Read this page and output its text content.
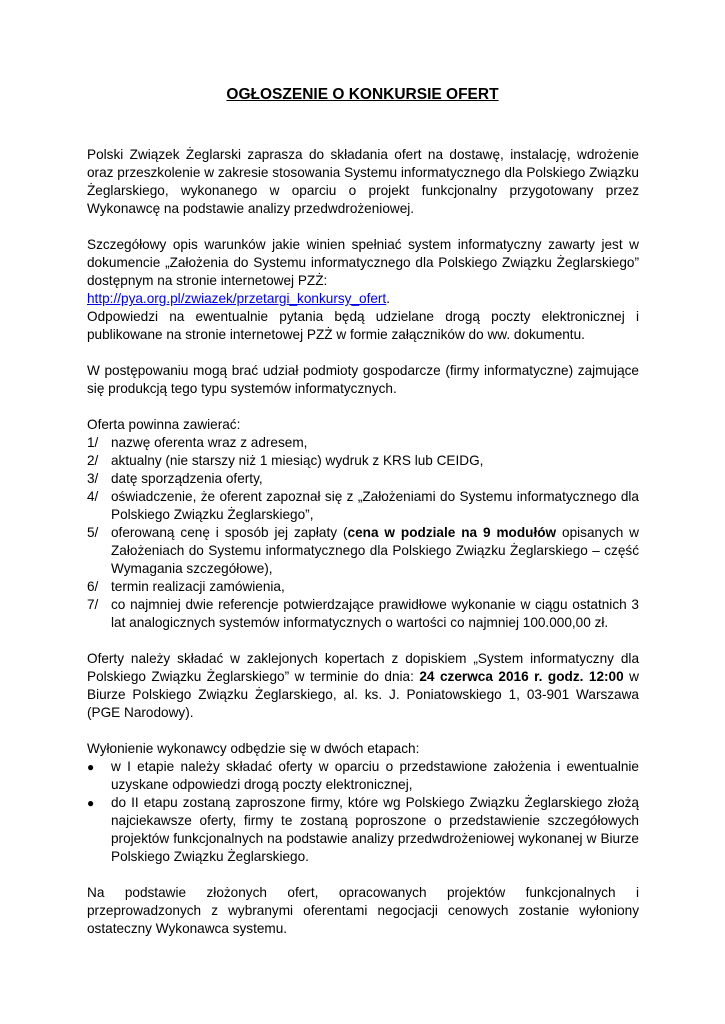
OGŁOSZENIE O KONKURSIE OFERT

Polski Związek Żeglarski zaprasza do składania ofert na dostawę, instalację, wdrożenie oraz przeszkolenie w zakresie stosowania Systemu informatycznego dla Polskiego Związku Żeglarskiego, wykonanego w oparciu o projekt funkcjonalny przygotowany przez Wykonawcę na podstawie analizy przedwdrożeniowej.

Szczegółowy opis warunków jakie winien spełniać system informatyczny zawarty jest w dokumencie „Założenia do Systemu informatycznego dla Polskiego Związku Żeglarskiego” dostępnym na stronie internetowej PZŻ:
http://pya.org.pl/zwiazek/przetargi_konkursy_ofert.

Odpowiedzi na ewentualnie pytania będą udzielane drogą poczty elektronicznej i publikowane na stronie internetowej PZŻ w formie załączników do ww. dokumentu.

W postępowaniu mogą brać udział podmioty gospodarcze (firmy informatyczne) zajmujące się produkcją tego typu systemów informatycznych.

Oferta powinna zawierać:

1/ nazwę oferenta wraz z adresem,
2/ aktualny (nie starszy niż 1 miesiąc) wydruk z KRS lub CEIDG,
3/ datę sporządzenia oferty,
4/ oświadczenie, że oferent zapoznał się z „Założeniami do Systemu informatycznego dla Polskiego Związku Żeglarskiego”,
5/ oferowaną cenę i sposób jej zapłaty (cena w podziale na 9 modułów opisanych w Założeniach do Systemu informatycznego dla Polskiego Związku Żeglarskiego – część Wymagania szczegółowe),
6/ termin realizacji zamówienia,
7/ co najmniej dwie referencje potwierdzające prawidłowe wykonanie w ciągu ostatnich 3 lat analogicznych systemów informatycznych o wartości co najmniej 100.000,00 zł.

Oferty należy składać w zaklejonych kopertach z dopiskiem „System informatyczny dla Polskiego Związku Żeglarskiego” w terminie do dnia: 24 czerwca 2016 r. godz. 12:00 w Biurze Polskiego Związku Żeglarskiego, al. ks. J. Poniatowskiego 1, 03-901 Warszawa (PGE Narodowy).

Wyłonienie wykonawcy odbędzie się w dwóch etapach:

● w I etapie należy składać oferty w oparciu o przedstawione założenia i ewentualnie uzyskane odpowiedzi drogą poczty elektronicznej,
● do II etapu zostaną zaproszone firmy, które wg Polskiego Związku Żeglarskiego złożą najciekawsze oferty, firmy te zostaną poproszone o przedstawienie szczegółowych projektów funkcjonalnych na podstawie analizy przedwdrożeniowej wykonanej w Biurze Polskiego Związku Żeglarskiego.

Na podstawie złożonych ofert, opracowanych projektów funkcjonalnych i przeprowadzonych z wybranymi oferentami negocjacji cenowych zostanie wyłoniony ostateczny Wykonawca systemu.
